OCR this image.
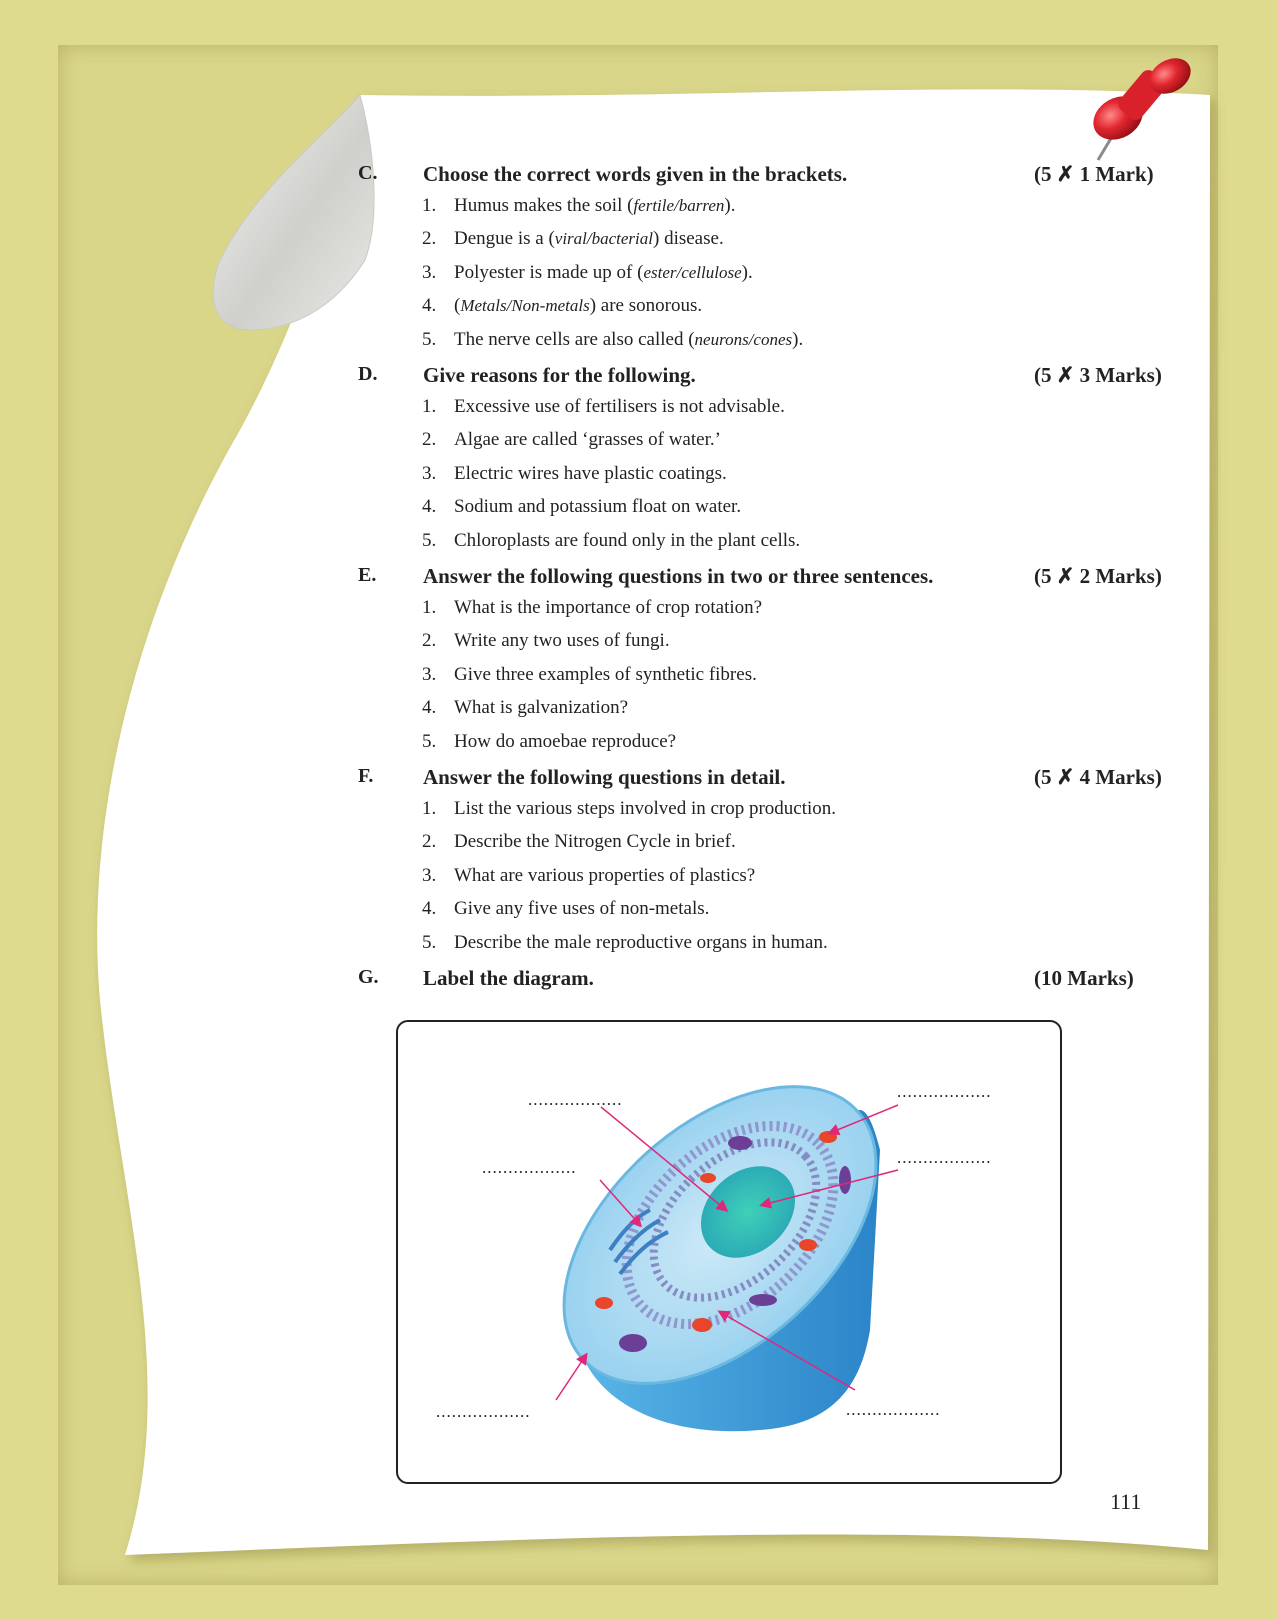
C. Choose the correct words given in the brackets.	(5 ✗ 1 Mark)
1. Humus makes the soil (fertile/barren).
2. Dengue is a (viral/bacterial) disease.
3. Polyester is made up of (ester/cellulose).
4. (Metals/Non-metals) are sonorous.
5. The nerve cells are also called (neurons/cones).
D. Give reasons for the following.	(5 ✗ 3 Marks)
1. Excessive use of fertilisers is not advisable.
2. Algae are called ‘grasses of water.’
3. Electric wires have plastic coatings.
4. Sodium and potassium float on water.
5. Chloroplasts are found only in the plant cells.
E. Answer the following questions in two or three sentences.	(5 ✗ 2 Marks)
1. What is the importance of crop rotation?
2. Write any two uses of fungi.
3. Give three examples of synthetic fibres.
4. What is galvanization?
5. How do amoebae reproduce?
F. Answer the following questions in detail.	(5 ✗ 4 Marks)
1. List the various steps involved in crop production.
2. Describe the Nitrogen Cycle in brief.
3. What are various properties of plastics?
4. Give any five uses of non-metals.
5. Describe the male reproductive organs in human.
G. Label the diagram.	(10 Marks)
..................
..................
..................
..................
..................	..................
111
